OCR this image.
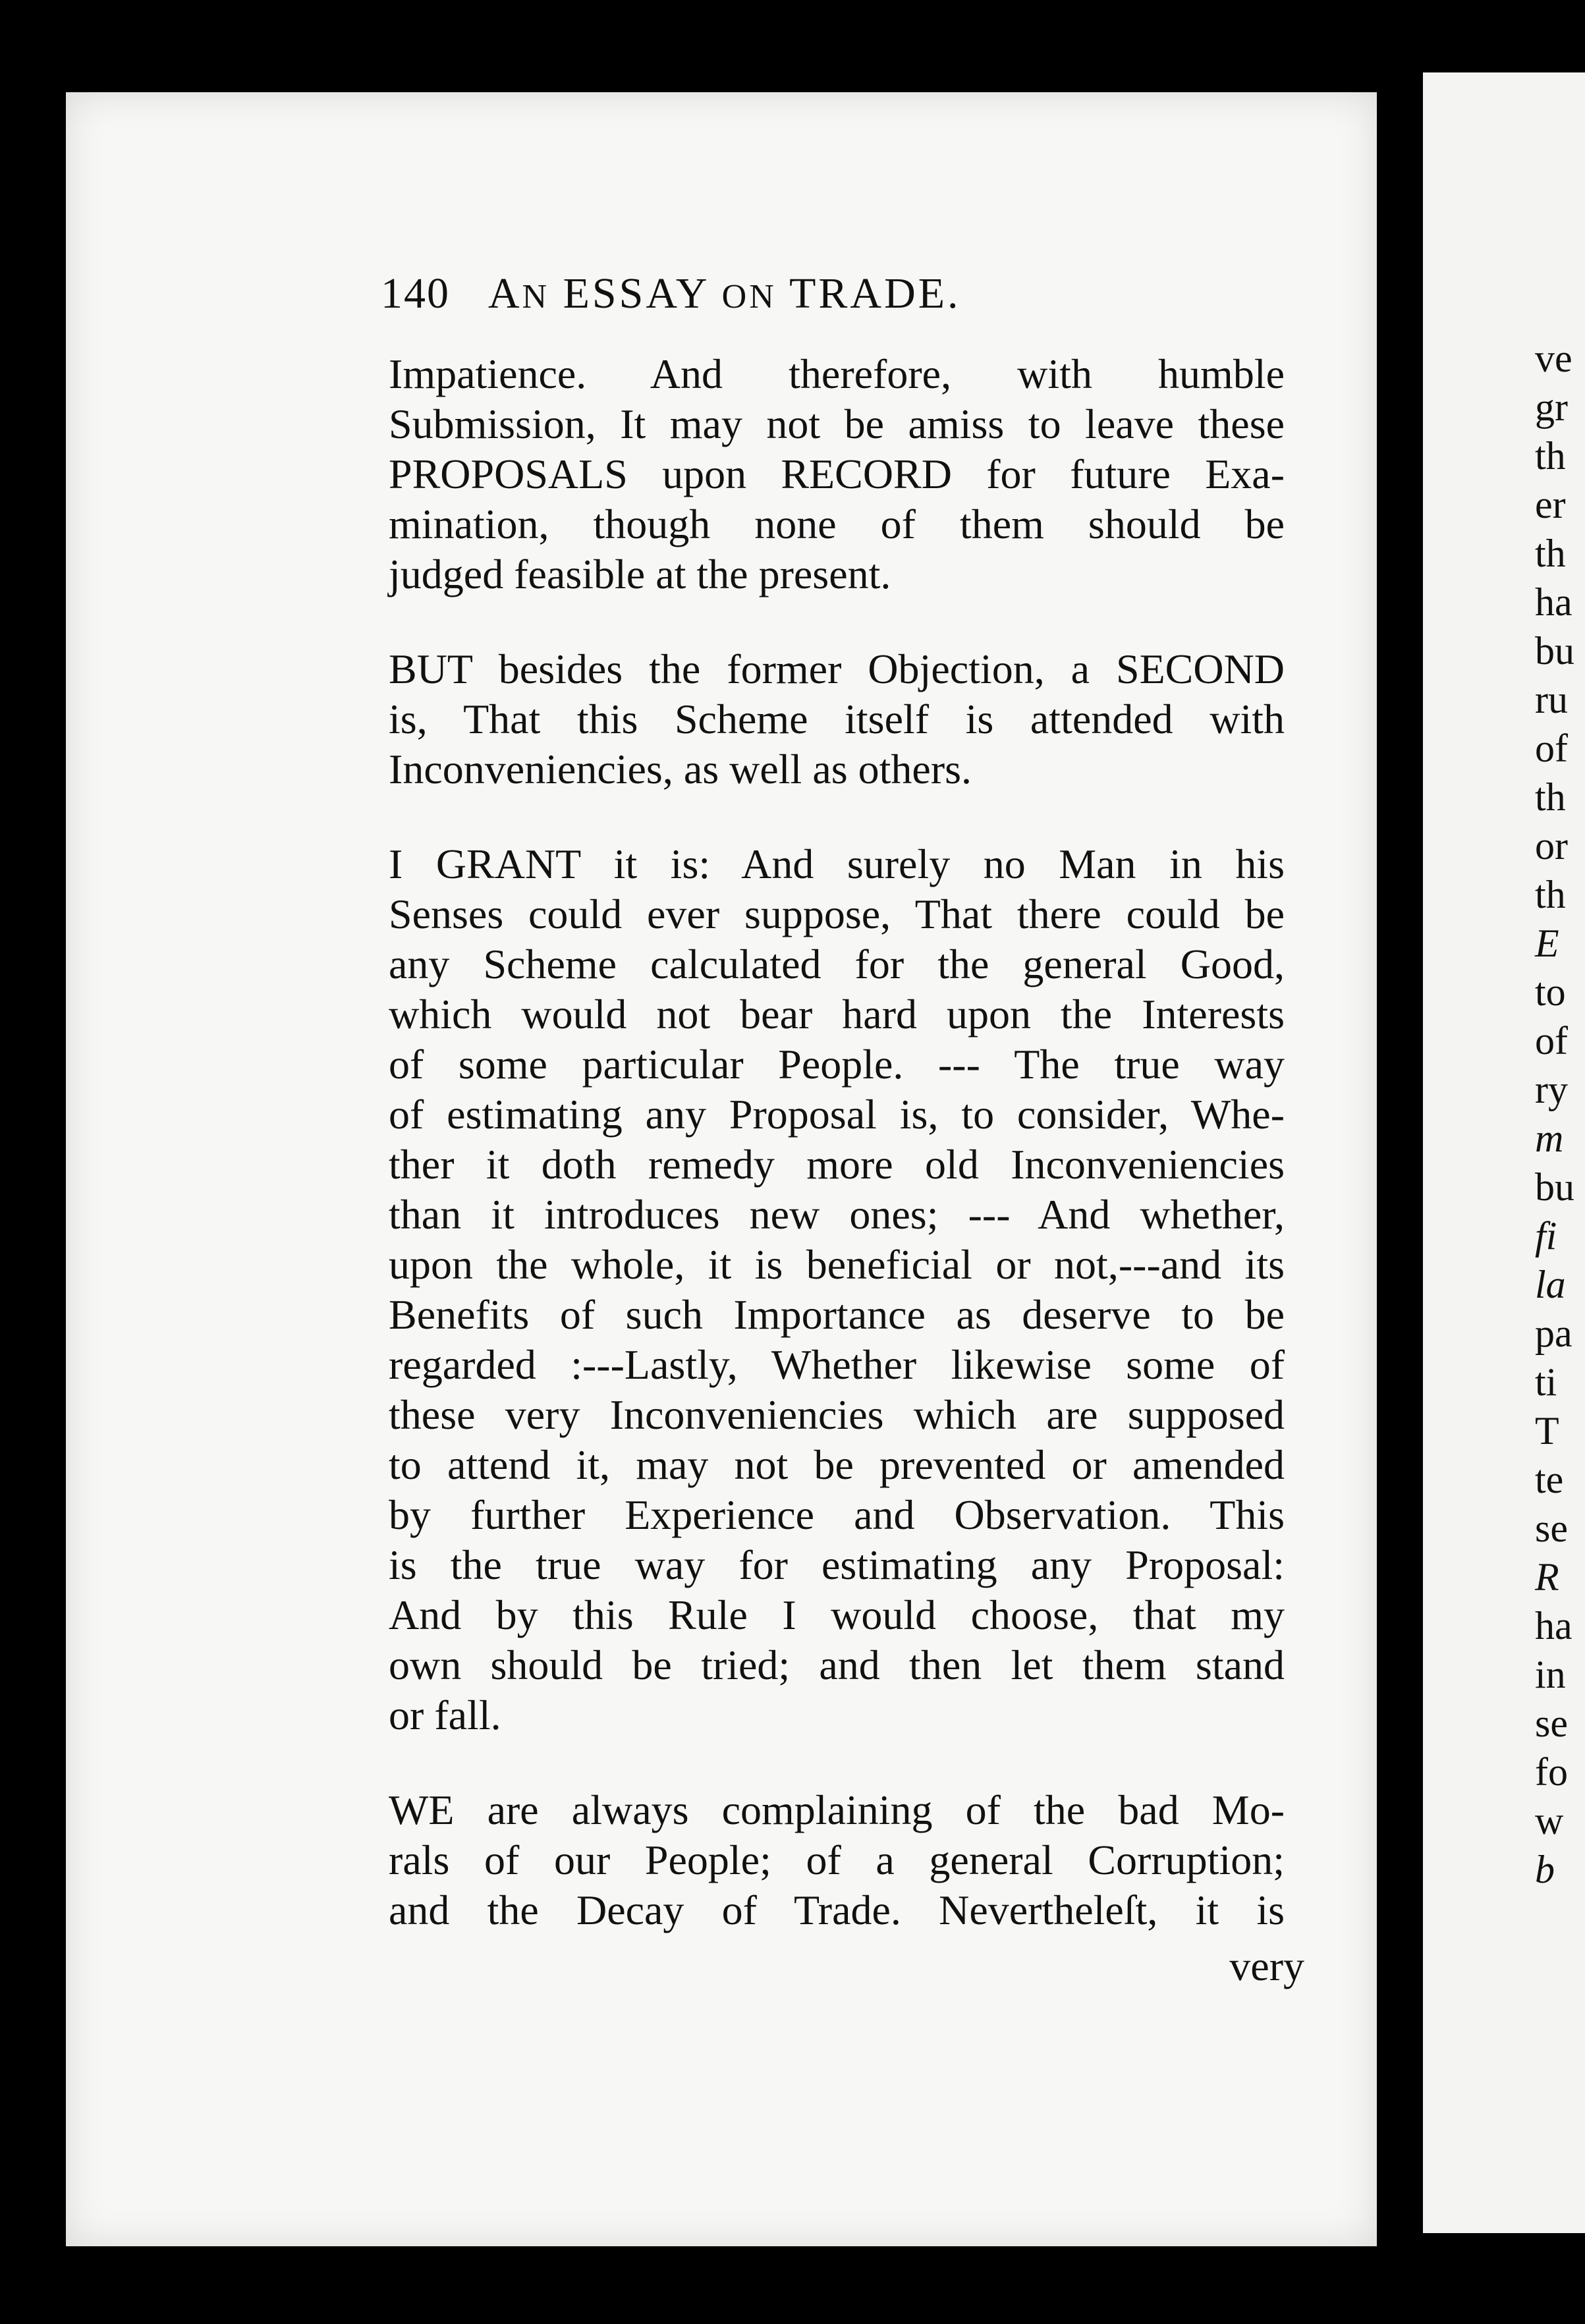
ve
gr
th
er
th
ha
bu
ru
of
th
or
th
E
to
of
ry
m
bu
fi
la
pa
ti
T
te
se
R
ha
in
se
fo
w
b
140 AN ESSAY ON TRADE.
Impatience. And therefore, with humble
Submission, It may not be amiss to leave these
PROPOSALS upon RECORD for future Exa-
mination, though none of them should be
judged feasible at the present.
BUT besides the former Objection, a SECOND
is, That this Scheme itself is attended with
Inconveniencies, as well as others.
I GRANT it is: And surely no Man in his
Senses could ever suppose, That there could be
any Scheme calculated for the general Good,
which would not bear hard upon the Interests
of some particular People. --- The true way
of estimating any Proposal is, to consider, Whe-
ther it doth remedy more old Inconveniencies
than it introduces new ones; --- And whether,
upon the whole, it is beneficial or not,---and its
Benefits of such Importance as deserve to be
regarded :---Lastly, Whether likewise some of
these very Inconveniencies which are supposed
to attend it, may not be prevented or amended
by further Experience and Observation. This
is the true way for estimating any Proposal:
And by this Rule I would choose, that my
own should be tried; and then let them stand
or fall.
WE are always complaining of the bad Mo-
rals of our People; of a general Corruption;
and the Decay of Trade. Nevertheleſt, it is
very
